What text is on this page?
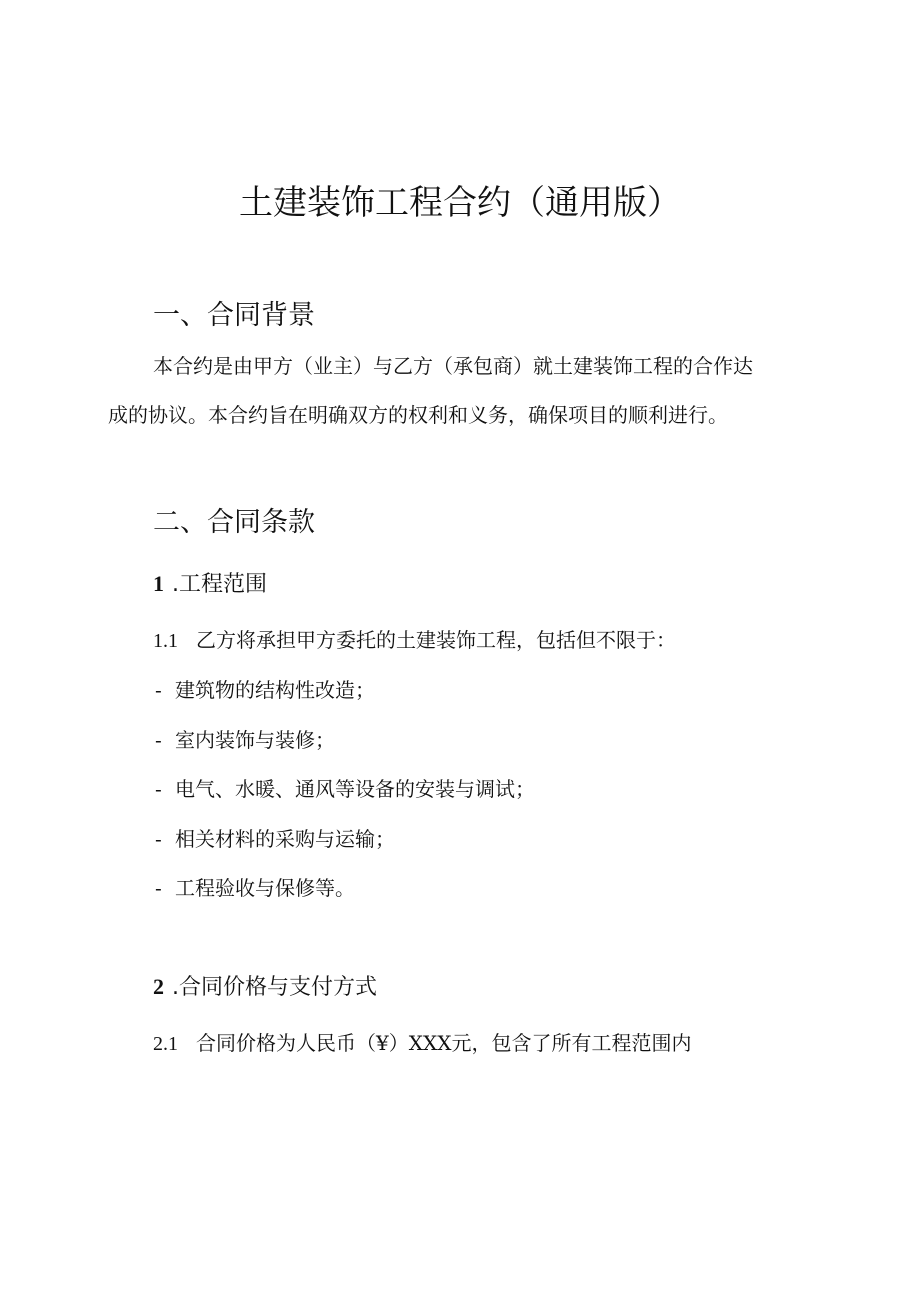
土建装饰工程合约（通用版）
一、合同背景
本合约是由甲方（业主）与乙方（承包商）就土建装饰工程的合作达
成的协议。本合约旨在明确双方的权利和义务，确保项目的顺利进行。
二、合同条款
1 .工程范围
1.1 乙方将承担甲方委托的土建装饰工程，包括但不限于：
- 建筑物的结构性改造；
- 室内装饰与装修；
- 电气、水暖、通风等设备的安装与调试；
- 相关材料的采购与运输；
- 工程验收与保修等。
2 .合同价格与支付方式
2.1 合同价格为人民币（¥）XXX元，包含了所有工程范围内
